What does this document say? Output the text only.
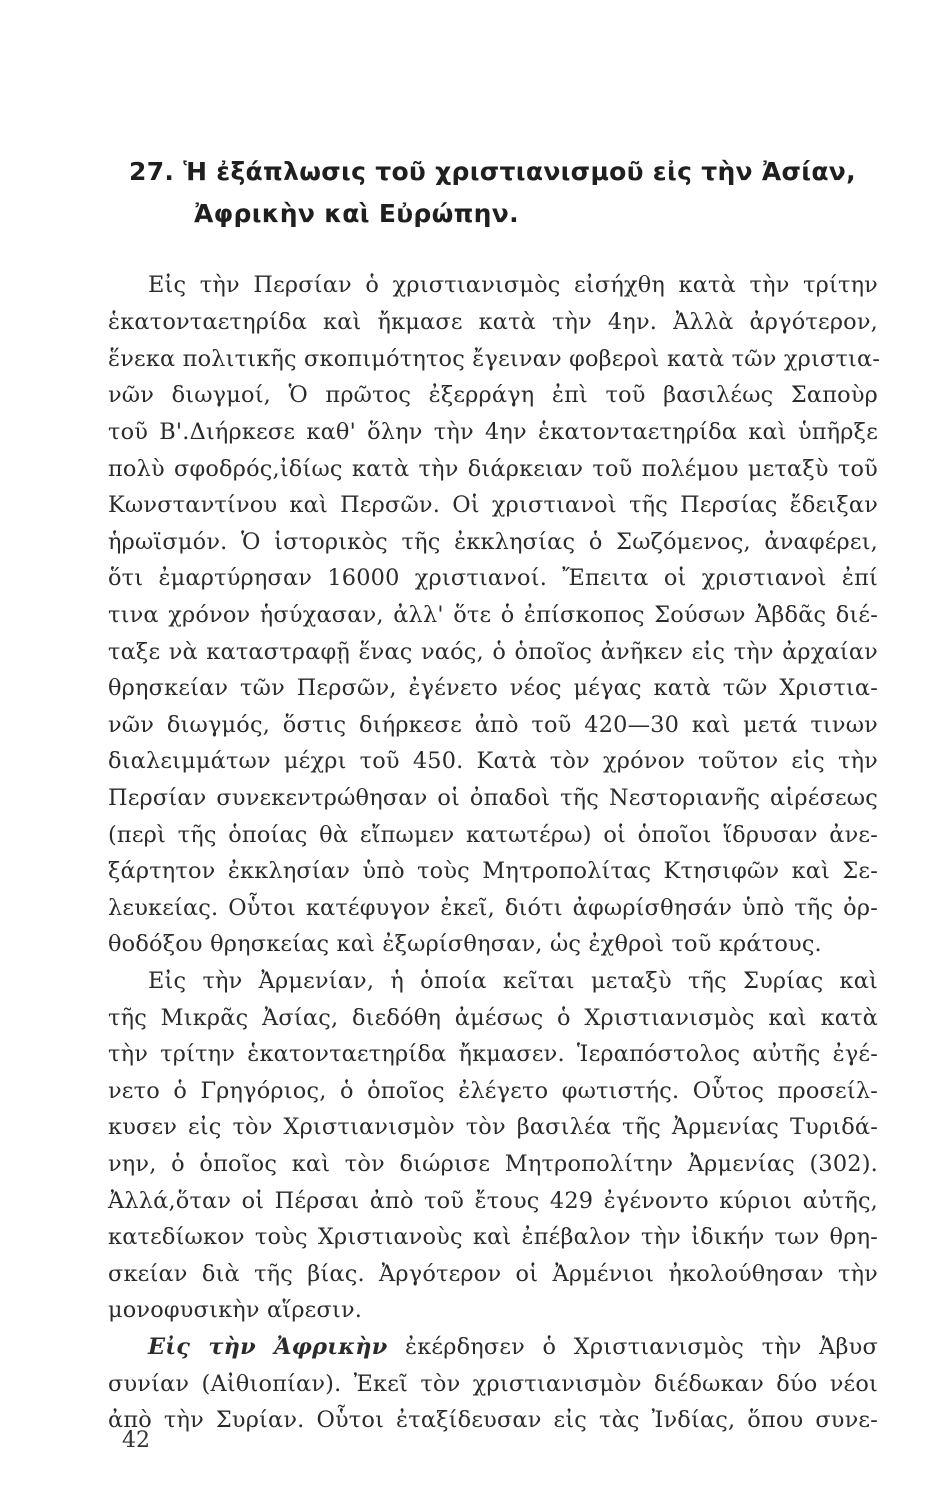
27. Ἡ ἐξάπλωσις τοῦ χριστιανισμοῦ εἰς τὴν Ἀσίαν,
Ἀφρικὴν καὶ Εὐρώπην.
Εἰς τὴν Περσίαν ὁ χριστιανισμὸς εἰσήχθη κατὰ τὴν τρίτην
ἑκατονταετηρίδα καὶ ἤκμασε κατὰ τὴν 4ην. Ἀλλὰ ἀργότερον,
ἕνεκα πολιτικῆς σκοπιμότητος ἔγειναν φοβεροὶ κατὰ τῶν χριστια-
νῶν διωγμοί, Ὁ πρῶτος ἐξερράγη ἐπὶ τοῦ βασιλέως Σαποὺρ
τοῦ Β'.Διήρκεσε καθ' ὅλην τὴν 4ην ἑκατονταετηρίδα καὶ ὑπῆρξε
πολὺ σφοδρός,ἰδίως κατὰ τὴν διάρκειαν τοῦ πολέμου μεταξὺ τοῦ
Κωνσταντίνου καὶ Περσῶν. Οἱ χριστιανοὶ τῆς Περσίας ἔδειξαν
ἡρωϊσμόν. Ὁ ἱστορικὸς τῆς ἐκκλησίας ὁ Σωζόμενος, ἀναφέρει,
ὅτι ἐμαρτύρησαν 16000 χριστιανοί. Ἔπειτα οἱ χριστιανοὶ ἐπί
τινα χρόνον ἡσύχασαν, ἀλλ' ὅτε ὁ ἐπίσκοπος Σούσων Ἀβδᾶς διέ-
ταξε νὰ καταστραφῇ ἕνας ναός, ὁ ὁποῖος ἀνῆκεν εἰς τὴν ἀρχαίαν
θρησκείαν τῶν Περσῶν, ἐγένετο νέος μέγας κατὰ τῶν Χριστια-
νῶν διωγμός, ὅστις διήρκεσε ἀπὸ τοῦ 420—30 καὶ μετά τινων
διαλειμμάτων μέχρι τοῦ 450. Κατὰ τὸν χρόνον τοῦτον εἰς τὴν
Περσίαν συνεκεντρώθησαν οἱ ὀπαδοὶ τῆς Νεστοριανῆς αἱρέσεως
(περὶ τῆς ὁποίας θὰ εἴπωμεν κατωτέρω) οἱ ὁποῖοι ἵδρυσαν ἀνε-
ξάρτητον ἐκκλησίαν ὑπὸ τοὺς Μητροπολίτας Κτησιφῶν καὶ Σε-
λευκείας. Οὗτοι κατέφυγον ἐκεῖ, διότι ἀφωρίσθησάν ὑπὸ τῆς ὀρ-
θοδόξου θρησκείας καὶ ἐξωρίσθησαν, ὡς ἐχθροὶ τοῦ κράτους.
Εἰς τὴν Ἀρμενίαν, ἡ ὁποία κεῖται μεταξὺ τῆς Συρίας καὶ
τῆς Μικρᾶς Ἀσίας, διεδόθη ἀμέσως ὁ Χριστιανισμὸς καὶ κατὰ
τὴν τρίτην ἑκατονταετηρίδα ἤκμασεν. Ἱεραπόστολος αὐτῆς ἐγέ-
νετο ὁ Γρηγόριος, ὁ ὁποῖος ἐλέγετο φωτιστής. Οὗτος προσείλ-
κυσεν εἰς τὸν Χριστιανισμὸν τὸν βασιλέα τῆς Ἀρμενίας Τυριδά-
νην, ὁ ὁποῖος καὶ τὸν διώρισε Μητροπολίτην Ἀρμενίας (302).
Ἀλλά,ὅταν οἱ Πέρσαι ἀπὸ τοῦ ἔτους 429 ἐγένοντο κύριοι αὐτῆς,
κατεδίωκον τοὺς Χριστιανοὺς καὶ ἐπέβαλον τὴν ἰδικήν των θρη-
σκείαν διὰ τῆς βίας. Ἀργότερον οἱ Ἀρμένιοι ἠκολούθησαν τὴν
μονοφυσικὴν αἵρεσιν.
Εἰς τὴν Ἀφρικὴν ἐκέρδησεν ὁ Χριστιανισμὸς τὴν Ἀβυσ
συνίαν (Αἰθιοπίαν). Ἐκεῖ τὸν χριστιανισμὸν διέδωκαν δύο νέοι
ἀπὸ τὴν Συρίαν. Οὗτοι ἐταξίδευσαν εἰς τὰς Ἰνδίας, ὅπου συνε-
42
